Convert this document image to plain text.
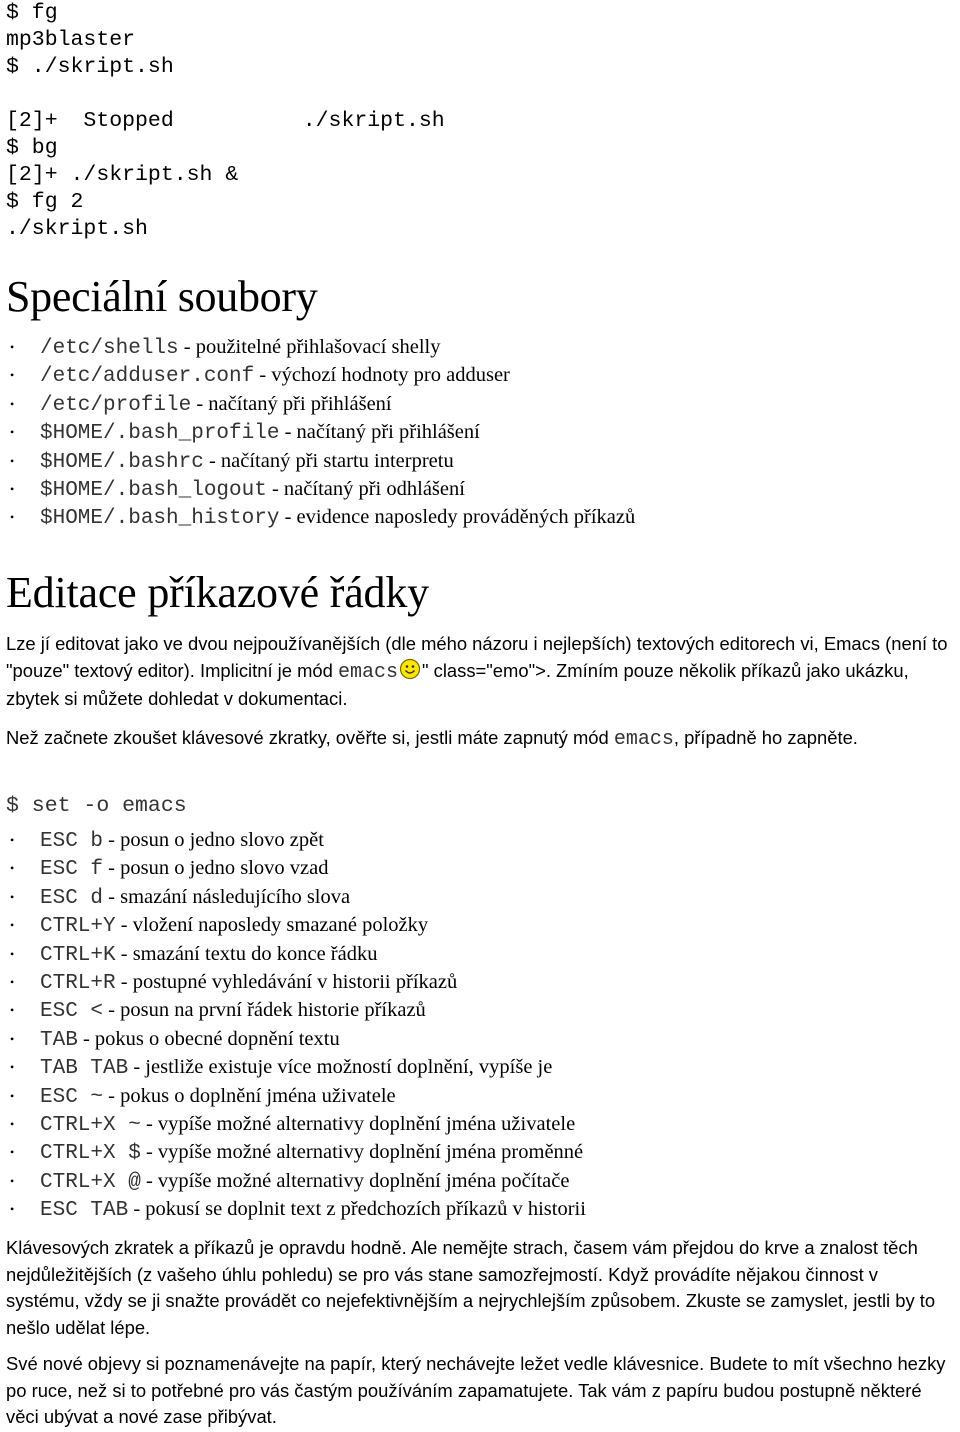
$ fg
mp3blaster
$ ./skript.sh
[2]+  Stopped          ./skript.sh
$ bg
[2]+ ./skript.sh &
$ fg 2
./skript.sh
Speciální soubory
• /etc/shells - použitelné přihlašovací shelly
• /etc/adduser.conf - výchozí hodnoty pro adduser
• /etc/profile - načítaný při přihlášení
• $HOME/.bash_profile - načítaný při přihlášení
• $HOME/.bashrc - načítaný při startu interpretu
• $HOME/.bash_logout - načítaný při odhlášení
• $HOME/.bash_history - evidence naposledy prováděných příkazů
Editace příkazové řádky

Lze jí editovat jako ve dvou nejpoužívanějších (dle mého názoru i nejlepších) textových editorech vi, Emacs (není to "pouze" textový editor). Implicitní je mód emacs " class="emo">. Zmíním pouze několik příkazů jako ukázku, zbytek si můžete dohledat v dokumentaci.

Než začnete zkoušet klávesové zkratky, ověřte si, jestli máte zapnutý mód emacs, případně ho zapněte.

$ set -o emacs
• ESC b - posun o jedno slovo zpět
• ESC f - posun o jedno slovo vzad
• ESC d - smazání následujícího slova
• CTRL+Y - vložení naposledy smazané položky
• CTRL+K - smazání textu do konce řádku
• CTRL+R - postupné vyhledávání v historii příkazů
• ESC < - posun na první řádek historie příkazů
• TAB - pokus o obecné dopnění textu
• TAB TAB - jestliže existuje více možností doplnění, vypíše je
• ESC ~ - pokus o doplnění jména uživatele
• CTRL+X ~ - vypíše možné alternativy doplnění jména uživatele
• CTRL+X $ - vypíše možné alternativy doplnění jména proměnné
• CTRL+X @ - vypíše možné alternativy doplnění jména počítače
• ESC TAB - pokusí se doplnit text z předchozích příkazů v historii

Klávesových zkratek a příkazů je opravdu hodně. Ale nemějte strach, časem vám přejdou do krve a znalost těch nejdůležitějších (z vašeho úhlu pohledu) se pro vás stane samozřejmostí. Když provádíte nějakou činnost v systému, vždy se ji snažte provádět co nejefektivnějším a nejrychlejším způsobem. Zkuste se zamyslet, jestli by to nešlo udělat lépe.

Své nové objevy si poznamenávejte na papír, který nechávejte ležet vedle klávesnice. Budete to mít všechno hezky po ruce, než si to potřebné pro vás častým používáním zapamatujete. Tak vám z papíru budou postupně některé věci ubývat a nové zase přibývat.
